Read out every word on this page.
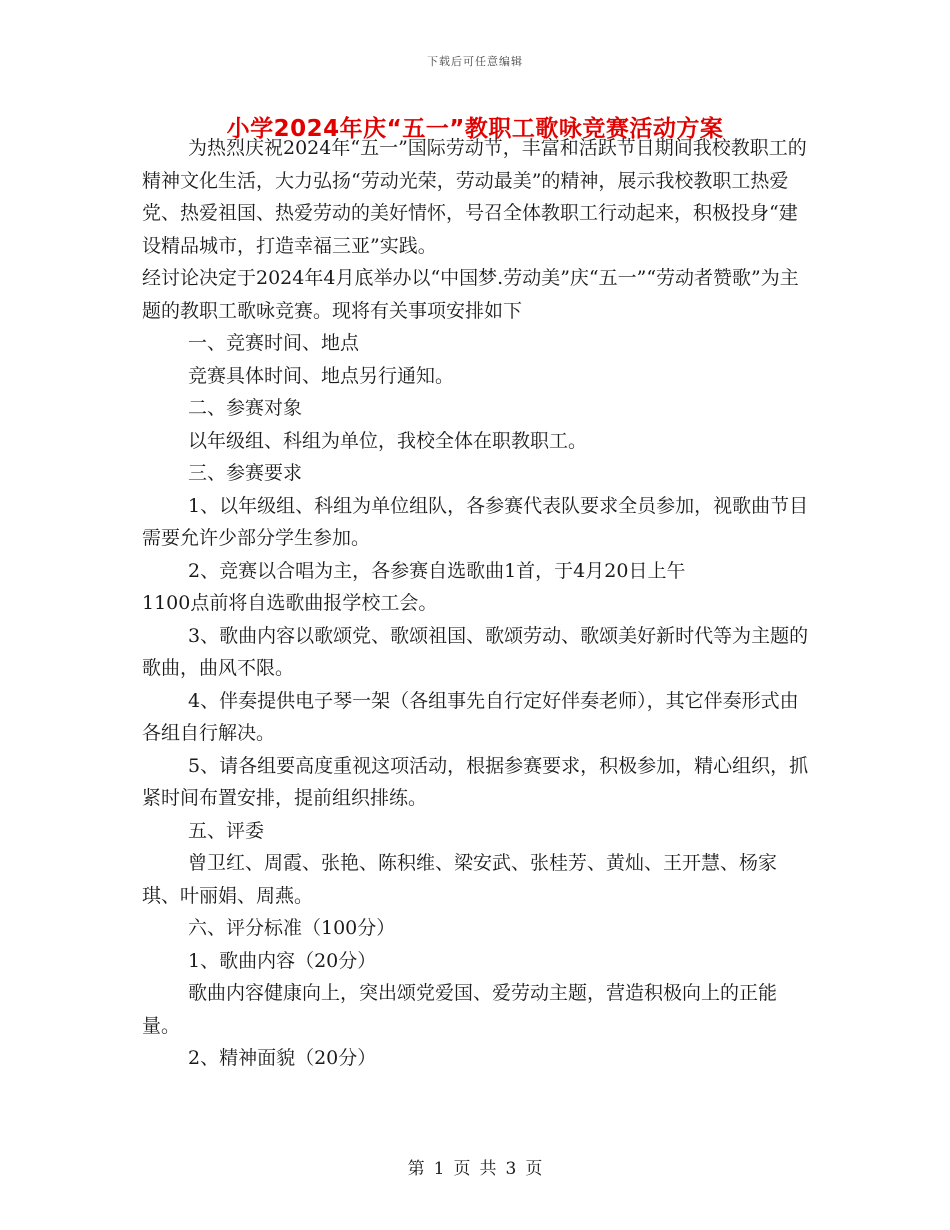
下载后可任意编辑
小学2024年庆“五一”教职工歌咏竞赛活动方案

为热烈庆祝2024年“五一”国际劳动节，丰富和活跃节日期间我校教职工的精神文化生活，大力弘扬“劳动光荣，劳动最美”的精神，展示我校教职工热爱党、热爱祖国、热爱劳动的美好情怀，号召全体教职工行动起来，积极投身“建设精品城市，打造幸福三亚”实践。

经讨论决定于2024年4月底举办以“中国梦.劳动美”庆“五一”“劳动者赞歌”为主题的教职工歌咏竞赛。现将有关事项安排如下

一、竞赛时间、地点

竞赛具体时间、地点另行通知。

二、参赛对象

以年级组、科组为单位，我校全体在职教职工。

三、参赛要求

1、以年级组、科组为单位组队，各参赛代表队要求全员参加，视歌曲节目需要允许少部分学生参加。

2、竞赛以合唱为主，各参赛自选歌曲1首，于4月20日上午

1100点前将自选歌曲报学校工会。

3、歌曲内容以歌颂党、歌颂祖国、歌颂劳动、歌颂美好新时代等为主题的歌曲，曲风不限。

4、伴奏提供电子琴一架（各组事先自行定好伴奏老师），其它伴奏形式由各组自行解决。

5、请各组要高度重视这项活动，根据参赛要求，积极参加，精心组织，抓紧时间布置安排，提前组织排练。

五、评委

曾卫红、周霞、张艳、陈积维、梁安武、张桂芳、黄灿、王开慧、杨家琪、叶丽娟、周燕。

六、评分标准（100分）

1、歌曲内容（20分）

歌曲内容健康向上，突出颂党爱国、爱劳动主题，营造积极向上的正能量。

2、精神面貌（20分）

第 1 页 共 3 页
